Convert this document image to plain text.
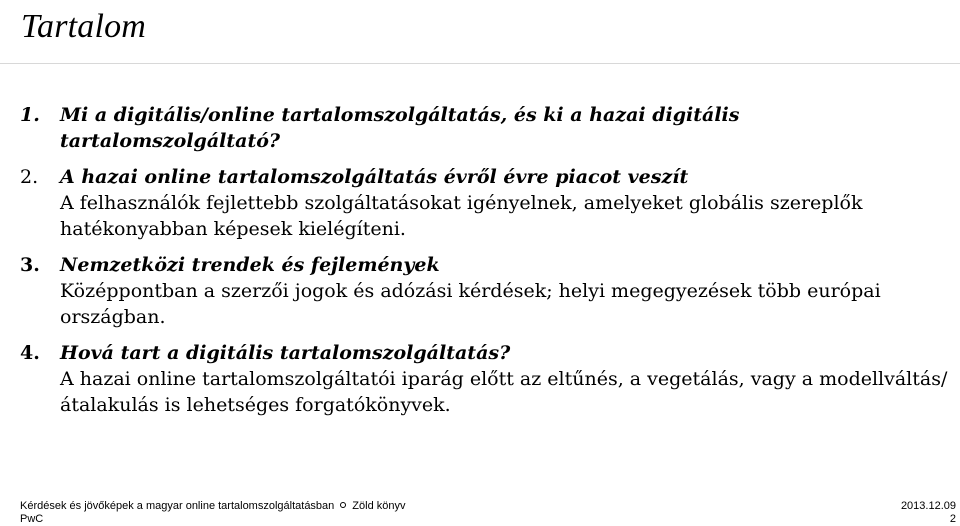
Tartalom
1. Mi a digitális/online tartalomszolgáltatás, és ki a hazai digitális tartalomszolgáltató?
2. A hazai online tartalomszolgáltatás évről évre piacot veszít
A felhasználók fejlettebb szolgáltatásokat igényelnek, amelyeket globális szereplők hatékonyabban képesek kielégíteni.
3. Nemzetközi trendek és fejlemények
Középpontban a szerzői jogok és adózási kérdések; helyi megegyezések több európai országban.
4. Hová tart a digitális tartalomszolgáltatás?
A hazai online tartalomszolgáltatói iparág előtt az eltűnés, a vegetálás, vagy a modellváltás/átalakulás is lehetséges forgatókönyvek.
Kérdések és jövőképek a magyar online tartalomszolgáltatásban Zöld könyv	2013.12.09
PwC	2
